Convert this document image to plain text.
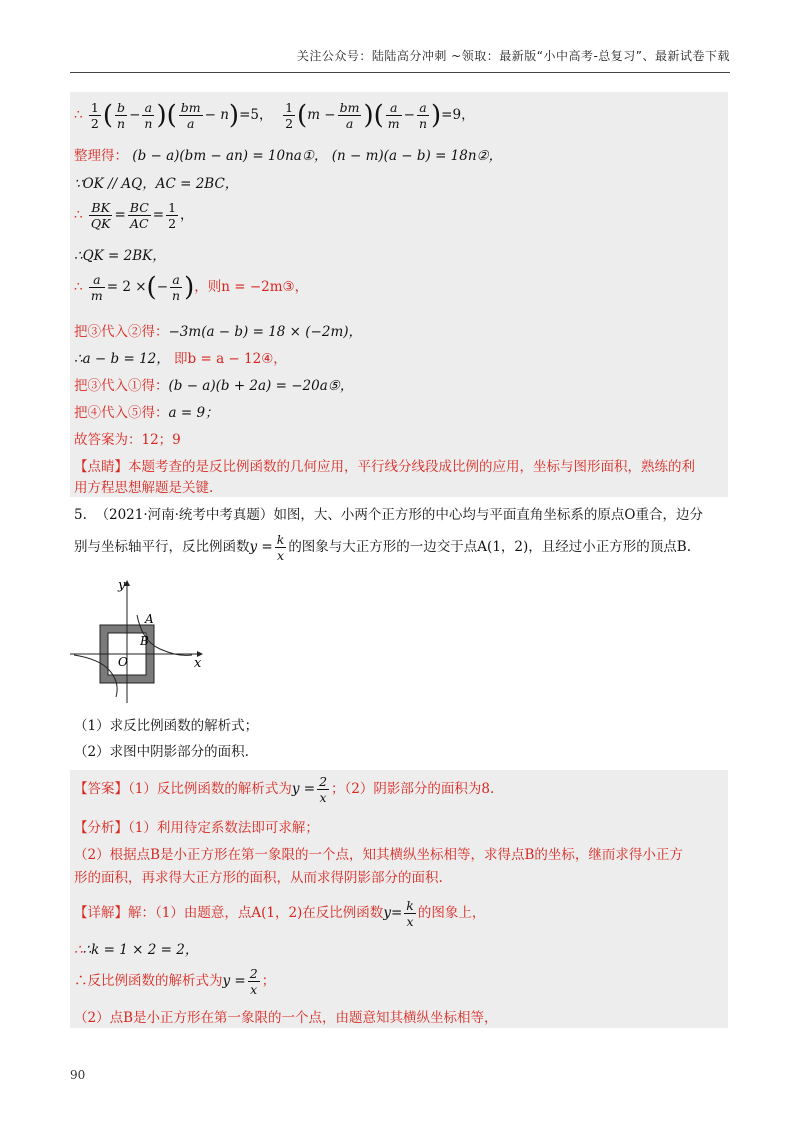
关注公众号：陆陆高分冲刺 ~领取：最新版“小中高考-总复习”、最新试卷下载
∴ $\frac{1}{2}$ ( $\frac{b}{n} - \frac{a}{n}$ )( $\frac{bm}{a} - n)=5$， $\frac{1}{2} (m - \frac{bm}{a}$ )( $\frac{a}{m} - \frac{a}{n} )=9$，
整理得： (b − a)(bm − an) = 10na①， (n − m)(a − b) = 18n②，
∵OK // AQ，AC = 2BC，
∴ $\frac{BK}{QK} = \frac{BC}{AC} = \frac{1}{2}$ ，
∴QK = 2BK，
∴ $\frac{a}{m} = 2$ ×(− $\frac{a}{n}$ )，则n = −2m③，
把③代入②得：−3m(a − b) = 18 × (−2m)，
∴a − b = 12， 即b = a − 12④，
把③代入①得：(b − a)(b + 2a) = −20a⑤，
把④代入⑤得：a = 9；
故答案为：12；9
【点睛】本题考查的是反比例函数的几何应用，平行线分线段成比例的应用，坐标与图形面积，熟练的利
用方程思想解题是关键.
5. （2021·河南·统考中考真题）如图，大、小两个正方形的中心均与平面直角坐标系的原点O重合，边分
别与坐标轴平行，反比例函数$y = \frac{k}{x}$ 的图象与大正方形的一边交于点A(1，2)，且经过小正方形的顶点B.
y
x
A
B
O
（1）求反比例函数的解析式；
（2）求图中阴影部分的面积.
【答案】（1）反比例函数的解析式为$y = \frac{2}{x}$ ；（2）阴影部分的面积为8.
【分析】（1）利用待定系数法即可求解；
（2）根据点B是小正方形在第一象限的一个点，知其横纵坐标相等，求得点B的坐标，继而求得小正方
形的面积，再求得大正方形的面积，从而求得阴影部分的面积.
【详解】解：（1）由题意，点A(1，2)在反比例函数$y= \frac{k}{x}$ 的图象上，
∴∴k = 1 × 2 = 2，
∴反比例函数的解析式为$y = \frac{2}{x}$ ；
（2）点B是小正方形在第一象限的一个点，由题意知其横纵坐标相等，
90
